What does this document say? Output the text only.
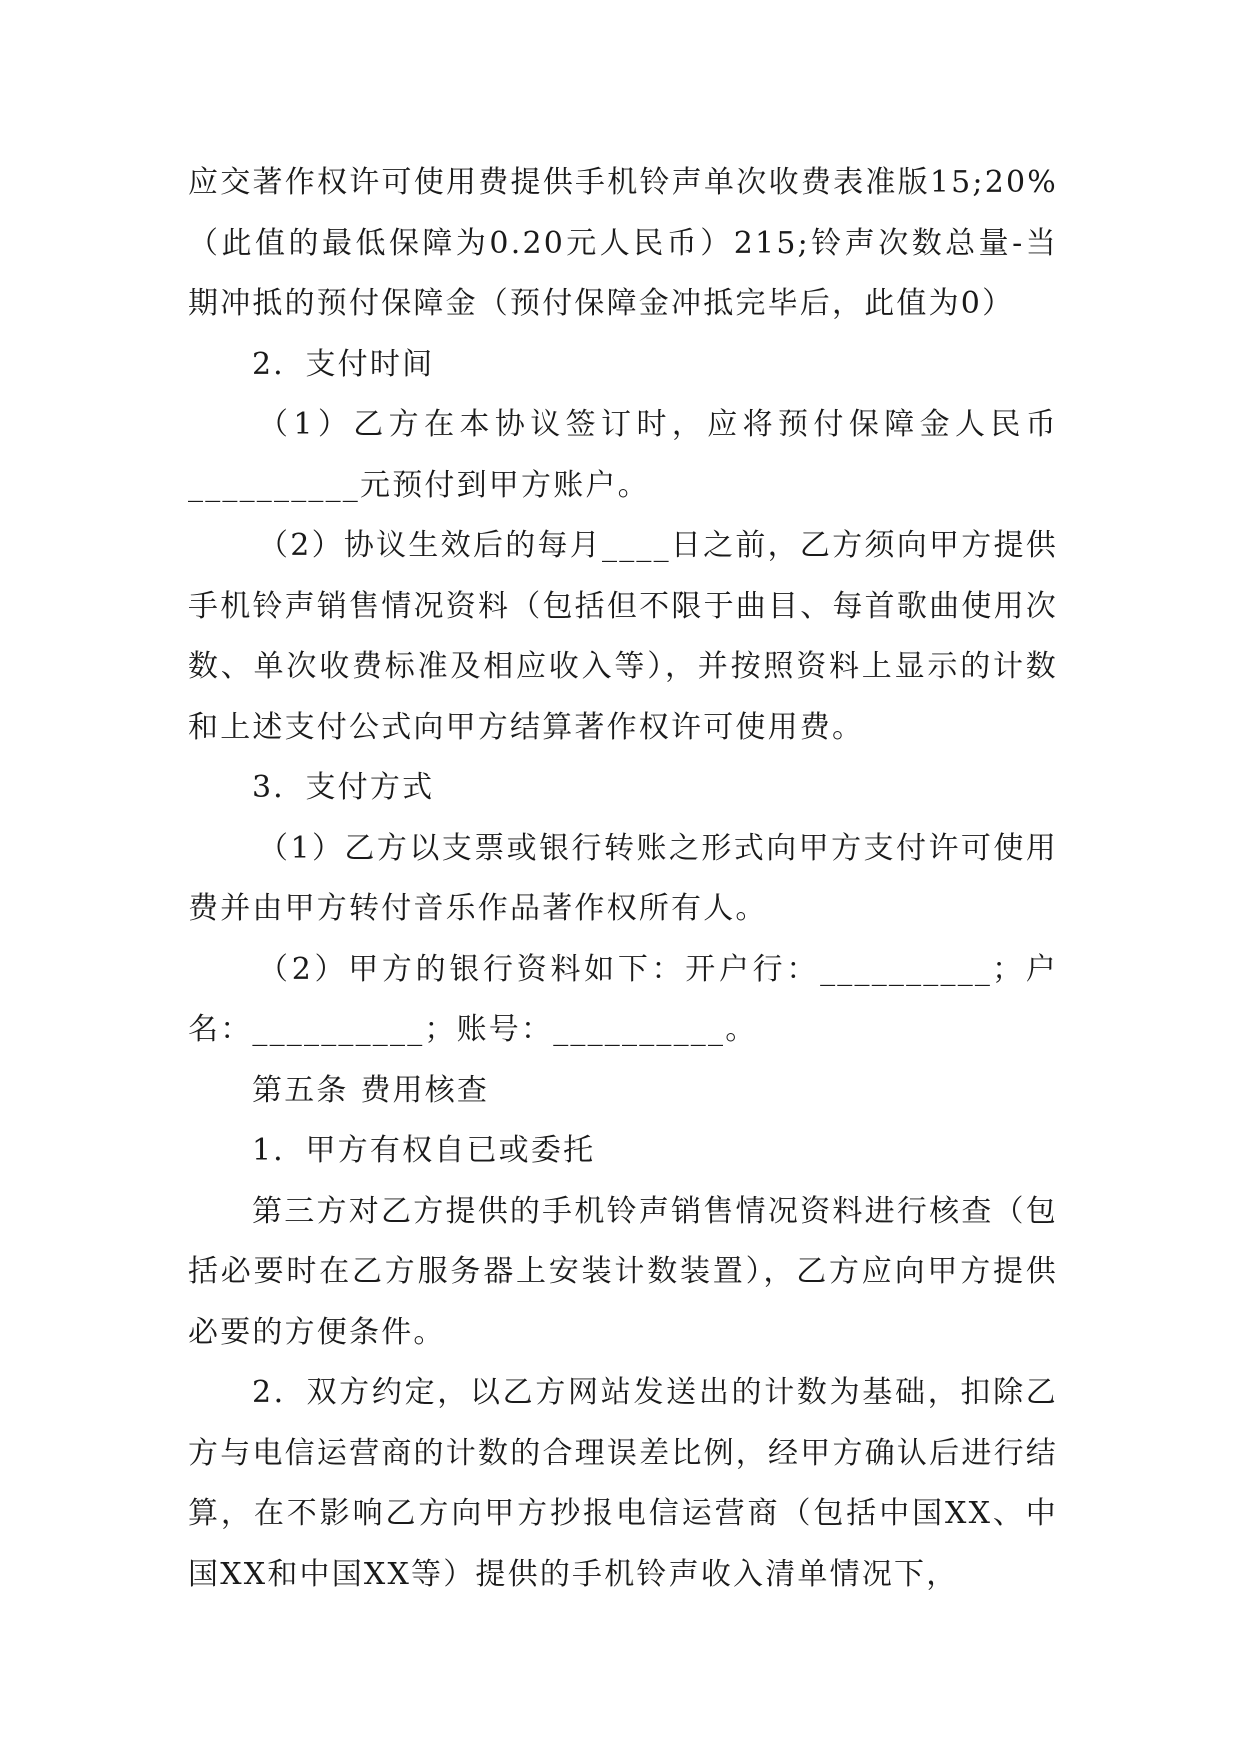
应交著作权许可使用费提供手机铃声单次收费表准版15;20%（此值的最低保障为0.20元人民币）215;铃声次数总量-当期冲抵的预付保障金（预付保障金冲抵完毕后，此值为0）

2．支付时间

（1）乙方在本协议签订时，应将预付保障金人民币__________元预付到甲方账户。

（2）协议生效后的每月____日之前，乙方须向甲方提供手机铃声销售情况资料（包括但不限于曲目、每首歌曲使用次数、单次收费标准及相应收入等），并按照资料上显示的计数和上述支付公式向甲方结算著作权许可使用费。

3．支付方式

（1）乙方以支票或银行转账之形式向甲方支付许可使用费并由甲方转付音乐作品著作权所有人。

（2）甲方的银行资料如下：开户行：__________；户名：__________；账号：__________。

第五条 费用核查

1．甲方有权自已或委托

第三方对乙方提供的手机铃声销售情况资料进行核查（包括必要时在乙方服务器上安装计数装置），乙方应向甲方提供必要的方便条件。

2．双方约定，以乙方网站发送出的计数为基础，扣除乙方与电信运营商的计数的合理误差比例，经甲方确认后进行结算，在不影响乙方向甲方抄报电信运营商（包括中国XX、中国XX和中国XX等）提供的手机铃声收入清单情况下，
